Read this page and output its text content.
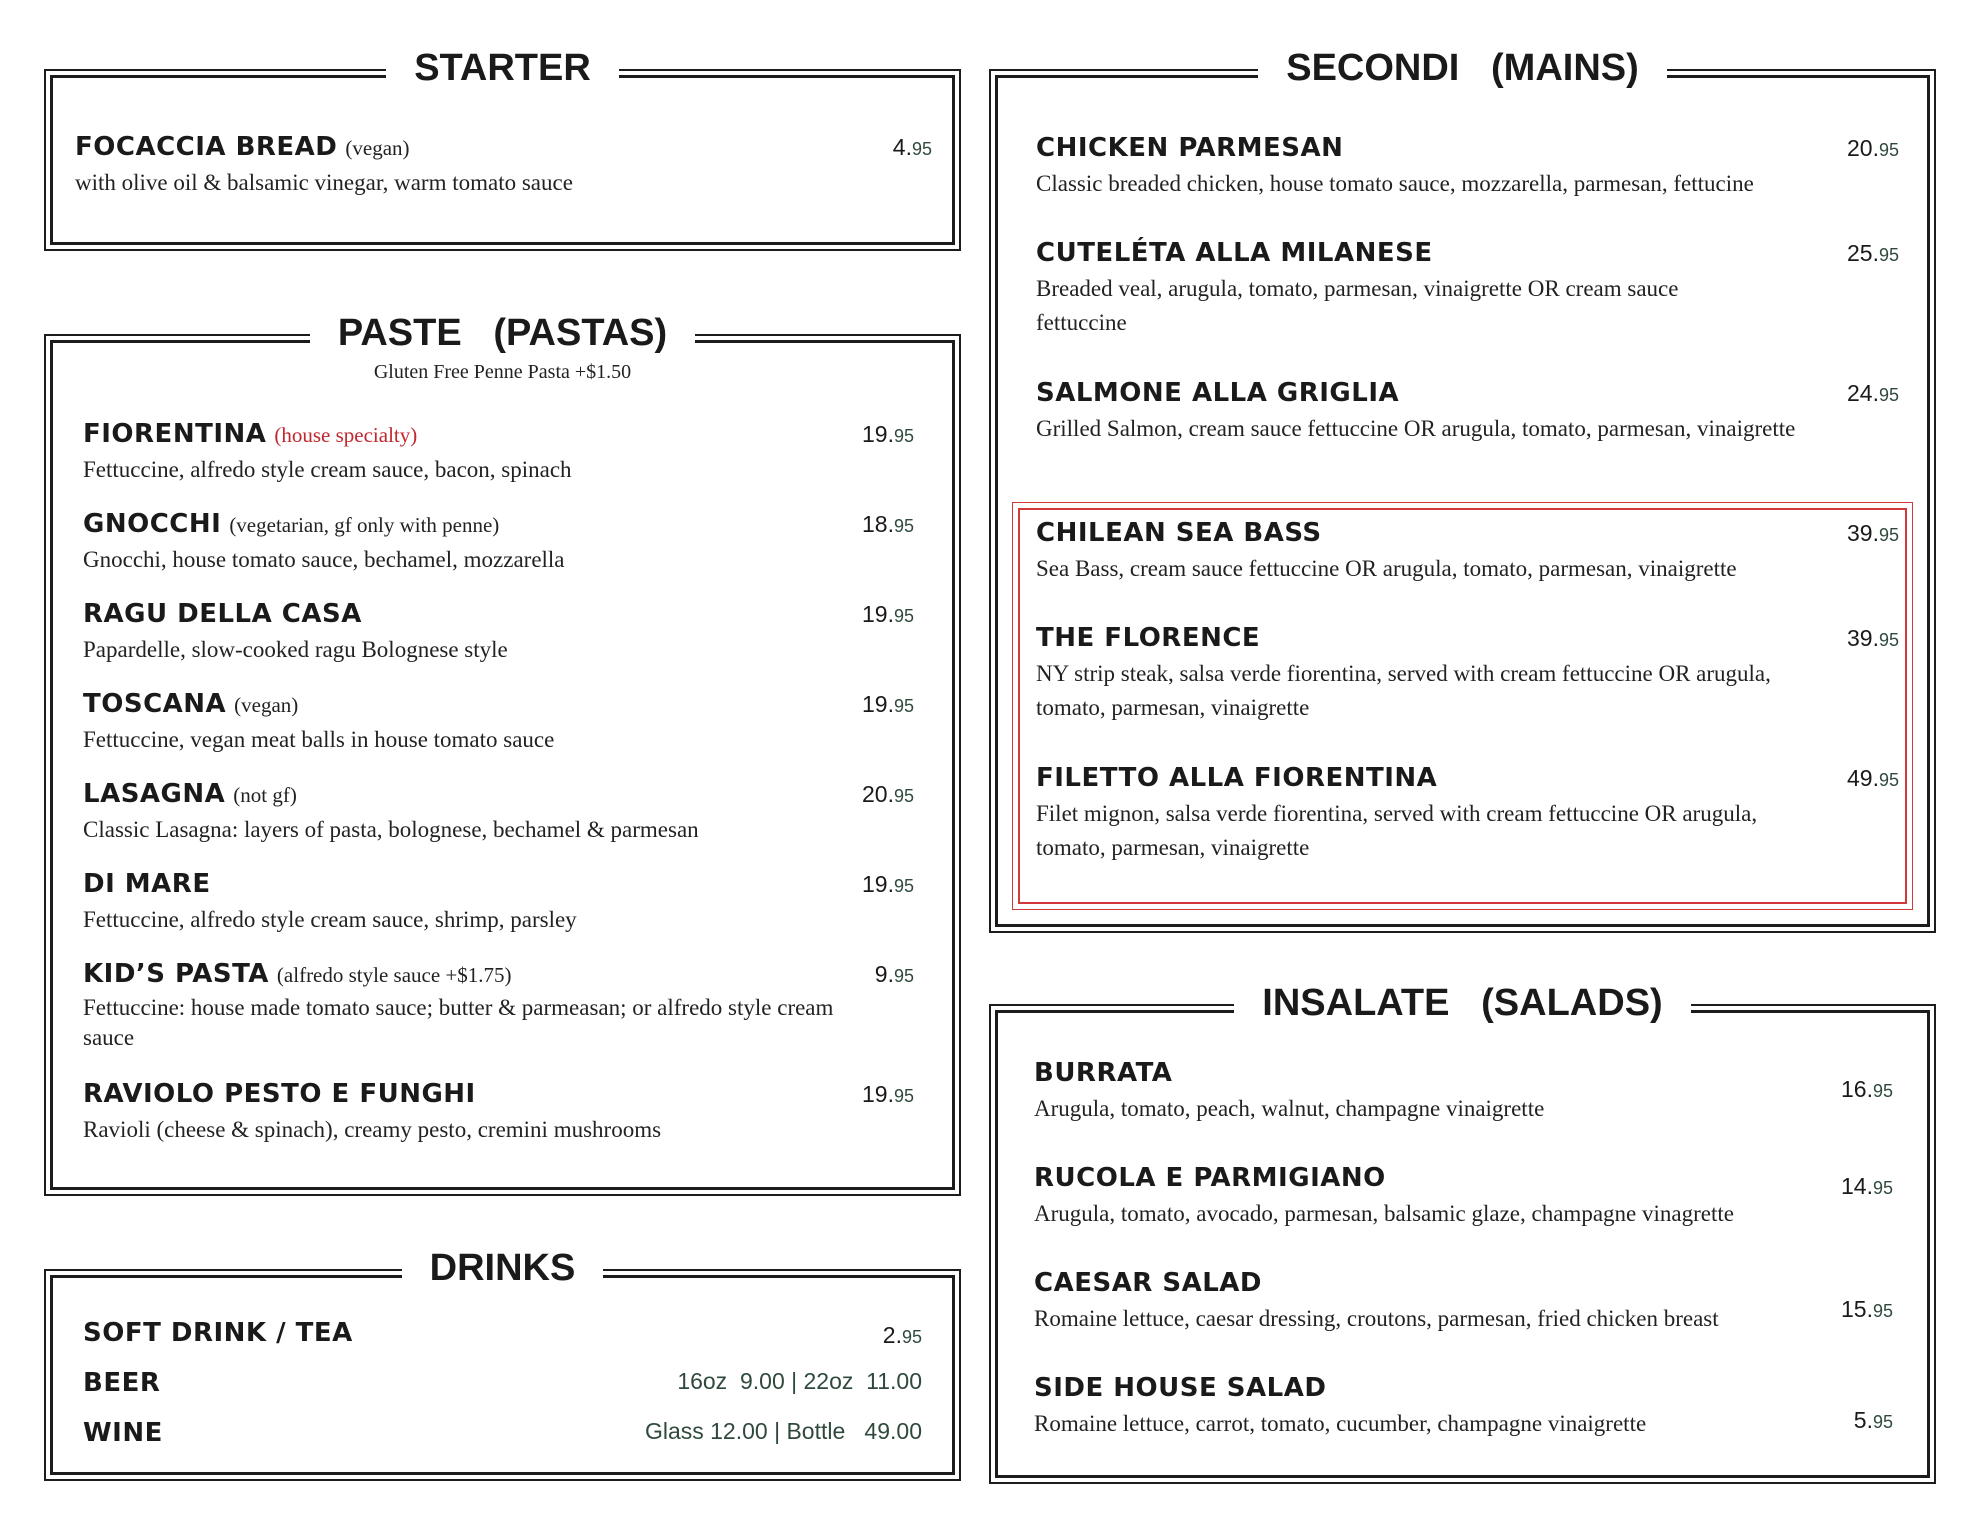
STARTER
FOCACCIA BREAD (vegan)
with olive oil & balsamic vinegar, warm tomato sauce
4.95
PASTE   (PASTAS)
Gluten Free Penne Pasta +$1.50
FIORENTINA (house specialty)
Fettuccine, alfredo style cream sauce, bacon, spinach
19.95
GNOCCHI (vegetarian, gf only with penne)
Gnocchi, house tomato sauce, bechamel, mozzarella
18.95
RAGU DELLA CASA
Papardelle, slow-cooked ragu Bolognese style
19.95
TOSCANA (vegan)
Fettuccine, vegan meat balls in house tomato sauce
19.95
LASAGNA (not gf)
Classic Lasagna: layers of pasta, bolognese, bechamel & parmesan
20.95
DI MARE
Fettuccine, alfredo style cream sauce, shrimp, parsley
19.95
KID’S PASTA (alfredo style sauce +$1.75)
Fettuccine: house made tomato sauce; butter & parmeasan; or alfredo style cream sauce
9.95
RAVIOLO PESTO E FUNGHI
Ravioli (cheese & spinach), creamy pesto, cremini mushrooms
19.95
DRINKS
SOFT DRINK / TEA	2.95
BEER	16oz  9.00 | 22oz  11.00
WINE	Glass 12.00 | Bottle   49.00
SECONDI   (MAINS)
CHICKEN PARMESAN
Classic breaded chicken, house tomato sauce, mozzarella, parmesan, fettucine
20.95
CUTELÉTA ALLA MILANESE
Breaded veal, arugula, tomato, parmesan, vinaigrette OR cream sauce fettuccine
25.95
SALMONE ALLA GRIGLIA
Grilled Salmon, cream sauce fettuccine OR arugula, tomato, parmesan, vinaigrette
24.95
CHILEAN SEA BASS
Sea Bass, cream sauce fettuccine OR arugula, tomato, parmesan, vinaigrette
39.95
THE FLORENCE
NY strip steak, salsa verde fiorentina, served with cream fettuccine OR arugula, tomato, parmesan, vinaigrette
39.95
FILETTO ALLA FIORENTINA
Filet mignon, salsa verde fiorentina, served with cream fettuccine OR arugula, tomato, parmesan, vinaigrette
49.95
INSALATE   (SALADS)
BURRATA
Arugula, tomato, peach, walnut, champagne vinaigrette
16.95
RUCOLA E PARMIGIANO
Arugula, tomato, avocado, parmesan, balsamic glaze, champagne vinagrette
14.95
CAESAR SALAD
Romaine lettuce, caesar dressing, croutons, parmesan, fried chicken breast	15.95
SIDE HOUSE SALAD
Romaine lettuce, carrot, tomato, cucumber, champagne vinaigrette	5.95
